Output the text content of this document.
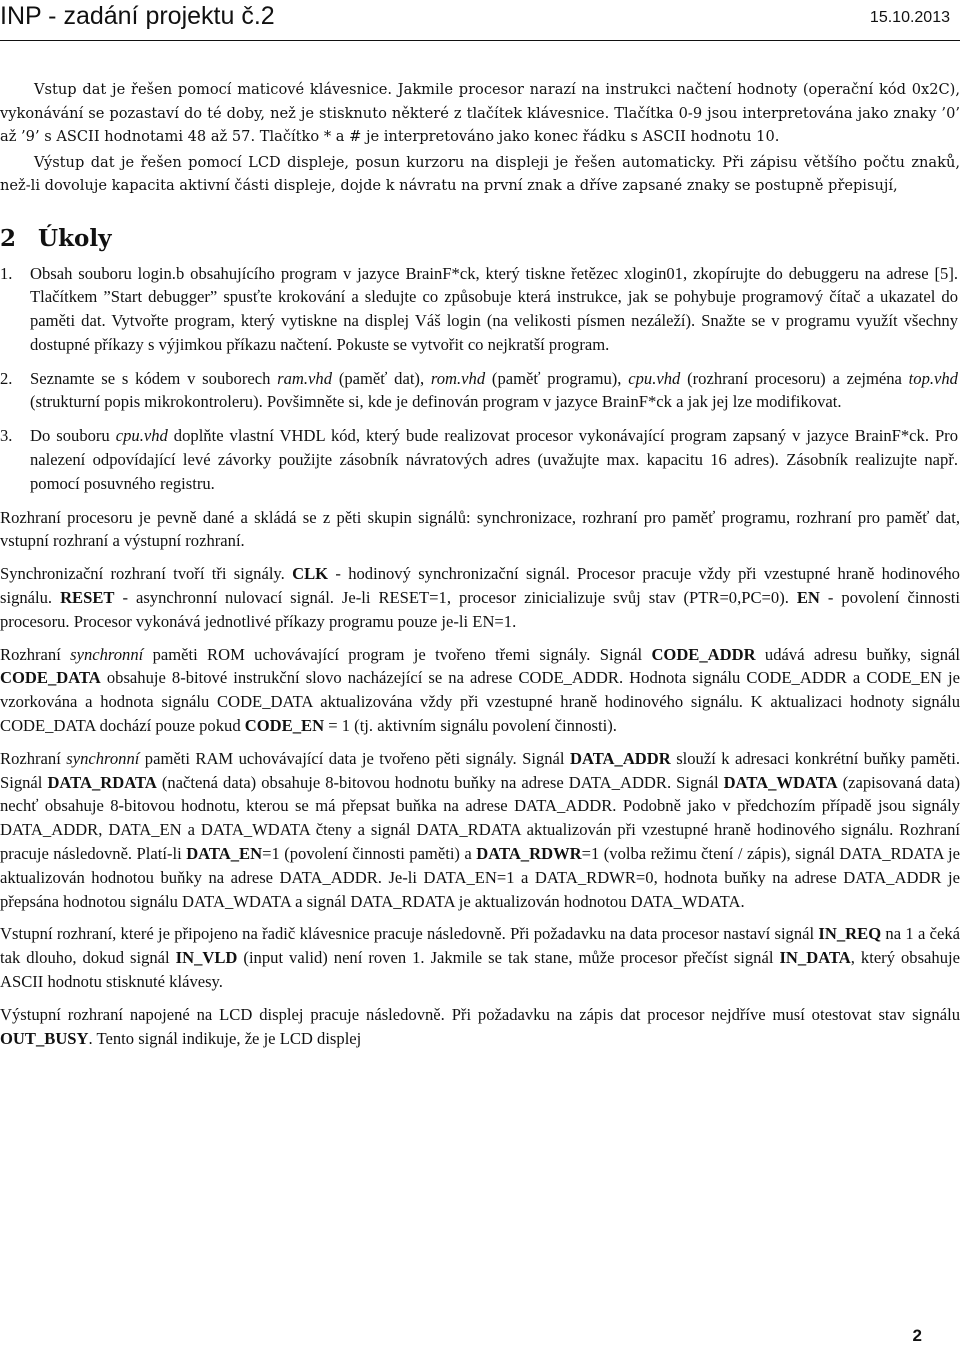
INP - zadání projektu č.2	15.10.2013

Vstup dat je řešen pomocí maticové klávesnice. Jakmile procesor narazí na instrukci načtení hodnoty (operační kód 0x2C), vykonávání se pozastaví do té doby, než je stisknuto některé z tlačítek klávesnice. Tlačítka 0-9 jsou interpretována jako znaky ’0’ až ’9’ s ASCII hodnotami 48 až 57. Tlačítko * a # je interpretováno jako konec řádku s ASCII hodnotu 10.

Výstup dat je řešen pomocí LCD displeje, posun kurzoru na displeji je řešen automaticky. Při zápisu většího počtu znaků, než-li dovoluje kapacita aktivní části displeje, dojde k návratu na první znak a dříve zapsané znaky se postupně přepisují,

2 Úkoly
1.	Obsah souboru login.b obsahujícího program v jazyce BrainF*ck, který tiskne řetězec xlogin01, zkopírujte do debuggeru na adrese [5]. Tlačítkem ”Start debugger” spusťte krokování a sledujte co způsobuje která instrukce, jak se pohybuje programový čítač a ukazatel do paměti dat. Vytvořte program, který vytiskne na displej Váš login (na velikosti písmen nezáleží). Snažte se v programu využít všechny dostupné příkazy s výjimkou příkazu načtení. Pokuste se vytvořit co nejkratší program.
2.	Seznamte se s kódem v souborech ram.vhd (paměť dat), rom.vhd (paměť programu), cpu.vhd (rozhraní procesoru) a zejména top.vhd (strukturní popis mikrokontroleru). Povšimněte si, kde je definován program v jazyce BrainF*ck a jak jej lze modifikovat.
3.	Do souboru cpu.vhd doplňte vlastní VHDL kód, který bude realizovat procesor vykonávající program zapsaný v jazyce BrainF*ck. Pro nalezení odpovídající levé závorky použijte zásobník návratových adres (uvažujte max. kapacitu 16 adres). Zásobník realizujte např. pomocí posuvného registru.

Rozhraní procesoru je pevně dané a skládá se z pěti skupin signálů: synchronizace, rozhraní pro paměť programu, rozhraní pro paměť dat, vstupní rozhraní a výstupní rozhraní.

Synchronizační rozhraní tvoří tři signály. CLK - hodinový synchronizační signál. Procesor pracuje vždy při vzestupné hraně hodinového signálu. RESET - asynchronní nulovací signál. Je-li RESET=1, procesor zinicializuje svůj stav (PTR=0,PC=0). EN - povolení činnosti procesoru. Procesor vykonává jednotlivé příkazy programu pouze je-li EN=1.

Rozhraní synchronní paměti ROM uchovávající program je tvořeno třemi signály. Signál CODE_ADDR udává adresu buňky, signál CODE_DATA obsahuje 8-bitové instrukční slovo nacházející se na adrese CODE_ADDR. Hodnota signálu CODE_ADDR a CODE_EN je vzorkována a hodnota signálu CODE_DATA aktualizována vždy při vzestupné hraně hodinového signálu. K aktualizaci hodnoty signálu CODE_DATA dochází pouze pokud CODE_EN = 1 (tj. aktivním signálu povolení činnosti).

Rozhraní synchronní paměti RAM uchovávající data je tvořeno pěti signály. Signál DATA_ADDR slouží k adresaci konkrétní buňky paměti. Signál DATA_RDATA (načtená data) obsahuje 8-bitovou hodnotu buňky na adrese DATA_ADDR. Signál DATA_WDATA (zapisovaná data) nechť obsahuje 8-bitovou hodnotu, kterou se má přepsat buňka na adrese DATA_ADDR. Podobně jako v předchozím případě jsou signály DATA_ADDR, DATA_EN a DATA_WDATA čteny a signál DATA_RDATA aktualizován při vzestupné hraně hodinového signálu. Rozhraní pracuje následovně. Platí-li DATA_EN=1 (povolení činnosti paměti) a DATA_RDWR=1 (volba režimu čtení / zápis), signál DATA_RDATA je aktualizován hodnotou buňky na adrese DATA_ADDR. Je-li DATA_EN=1 a DATA_RDWR=0, hodnota buňky na adrese DATA_ADDR je přepsána hodnotou signálu DATA_WDATA a signál DATA_RDATA je aktualizován hodnotou DATA_WDATA.

Vstupní rozhraní, které je připojeno na řadič klávesnice pracuje následovně. Při požadavku na data procesor nastaví signál IN_REQ na 1 a čeká tak dlouho, dokud signál IN_VLD (input valid) není roven 1. Jakmile se tak stane, může procesor přečíst signál IN_DATA, který obsahuje ASCII hodnotu stisknuté klávesy.

Výstupní rozhraní napojené na LCD displej pracuje následovně. Při požadavku na zápis dat procesor nejdříve musí otestovat stav signálu OUT_BUSY. Tento signál indikuje, že je LCD displej

2
